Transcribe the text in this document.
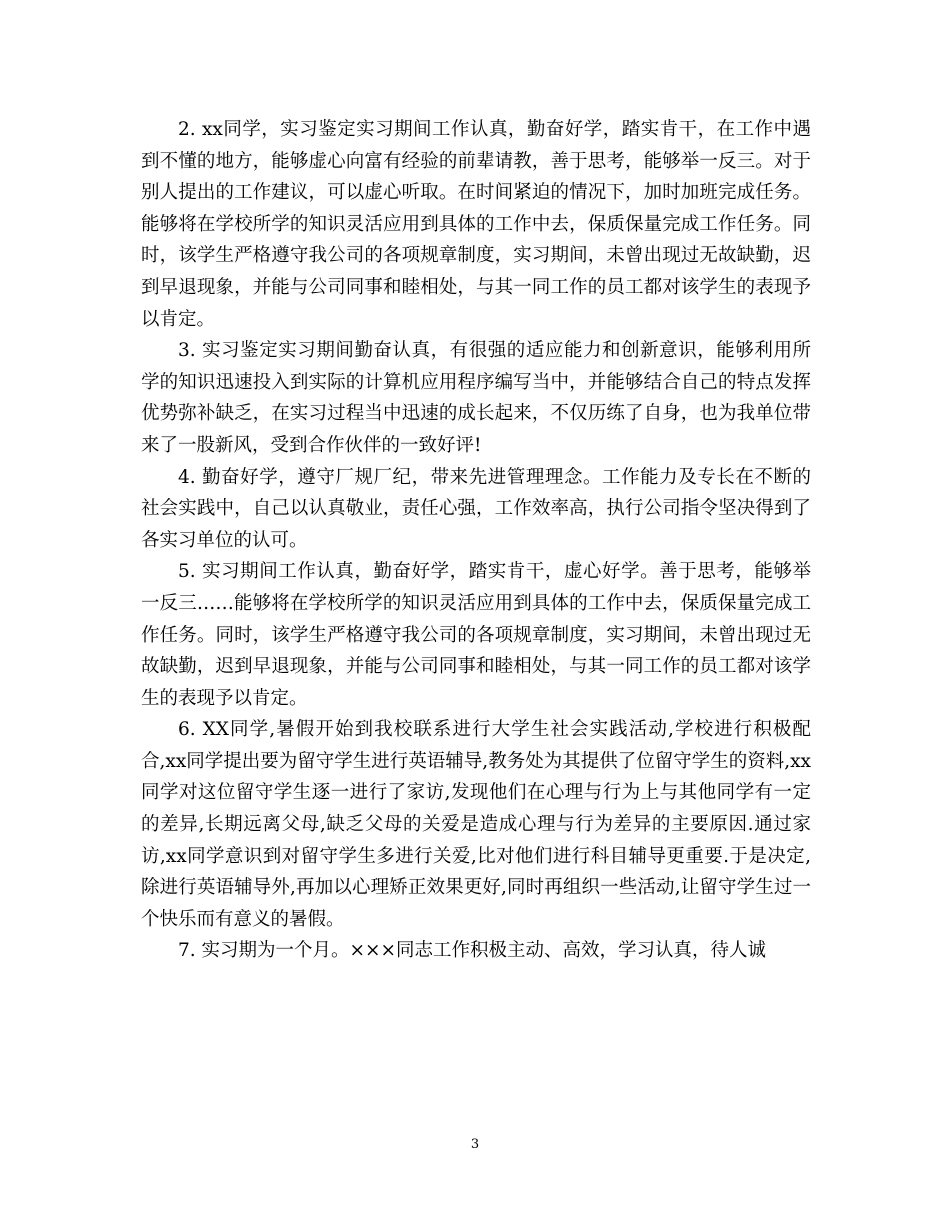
2. xx同学，实习鉴定实习期间工作认真，勤奋好学，踏实肯干，在工作中遇到不懂的地方，能够虚心向富有经验的前辈请教，善于思考，能够举一反三。对于别人提出的工作建议，可以虚心听取。在时间紧迫的情况下，加时加班完成任务。能够将在学校所学的知识灵活应用到具体的工作中去，保质保量完成工作任务。同时，该学生严格遵守我公司的各项规章制度，实习期间，未曾出现过无故缺勤，迟到早退现象，并能与公司同事和睦相处，与其一同工作的员工都对该学生的表现予以肯定。

3. 实习鉴定实习期间勤奋认真，有很强的适应能力和创新意识，能够利用所学的知识迅速投入到实际的计算机应用程序编写当中，并能够结合自己的特点发挥优势弥补缺乏，在实习过程当中迅速的成长起来，不仅历练了自身，也为我单位带来了一股新风，受到合作伙伴的一致好评!

4. 勤奋好学，遵守厂规厂纪，带来先进管理理念。工作能力及专长在不断的社会实践中，自己以认真敬业，责任心强，工作效率高，执行公司指令坚决得到了各实习单位的认可。

5. 实习期间工作认真，勤奋好学，踏实肯干，虚心好学。善于思考，能够举一反三……能够将在学校所学的知识灵活应用到具体的工作中去，保质保量完成工作任务。同时，该学生严格遵守我公司的各项规章制度，实习期间，未曾出现过无故缺勤，迟到早退现象，并能与公司同事和睦相处，与其一同工作的员工都对该学生的表现予以肯定。

6. XX同学,暑假开始到我校联系进行大学生社会实践活动,学校进行积极配合,xx同学提出要为留守学生进行英语辅导,教务处为其提供了位留守学生的资料,xx同学对这位留守学生逐一进行了家访,发现他们在心理与行为上与其他同学有一定的差异,长期远离父母,缺乏父母的关爱是造成心理与行为差异的主要原因.通过家访,xx同学意识到对留守学生多进行关爱,比对他们进行科目辅导更重要.于是决定,除进行英语辅导外,再加以心理矫正效果更好,同时再组织一些活动,让留守学生过一个快乐而有意义的暑假。

7. 实习期为一个月。×××同志工作积极主动、高效，学习认真，待人诚

3
